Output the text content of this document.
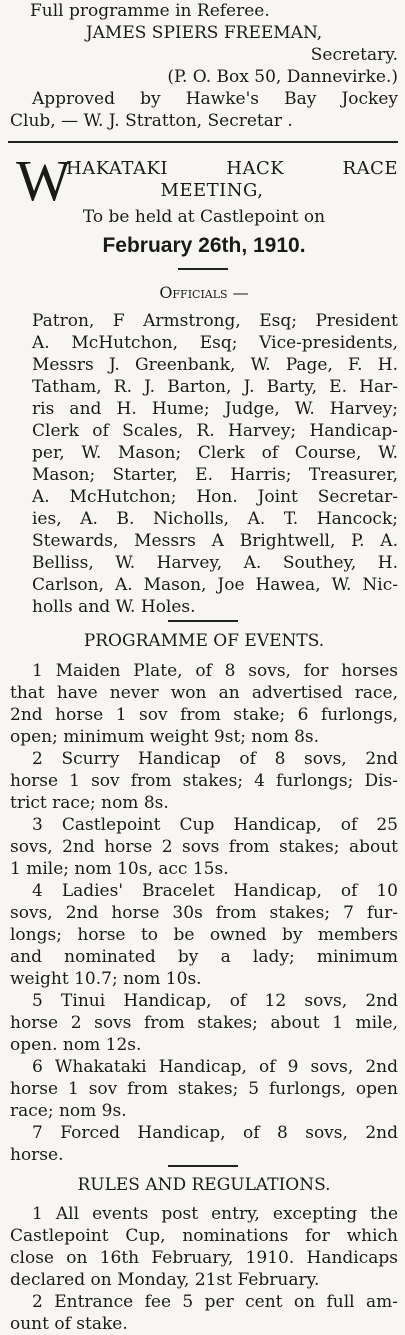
Full programme in Referee.
JAMES SPIERS FREEMAN,
Secretary.
(P. O. Box 50, Dannevirke.)
Approved by Hawke's Bay Jockey
Club, — W. J. Stratton, Secretar .
W
HAKATAKI HACK RACE
MEETING,
To be held at Castlepoint on
February 26th, 1910.
Officials —
Patron, F Armstrong, Esq; President
A. McHutchon, Esq; Vice-presidents,
Messrs J. Greenbank, W. Page, F. H.
Tatham, R. J. Barton, J. Barty, E. Har-
ris and H. Hume; Judge, W. Harvey;
Clerk of Scales, R. Harvey; Handicap-
per, W. Mason; Clerk of Course, W.
Mason; Starter, E. Harris; Treasurer,
A. McHutchon; Hon. Joint Secretar-
ies, A. B. Nicholls, A. T. Hancock;
Stewards, Messrs A Brightwell, P. A.
Belliss, W. Harvey, A. Southey, H.
Carlson, A. Mason, Joe Hawea, W. Nic-
holls and W. Holes.
PROGRAMME OF EVENTS.
1 Maiden Plate, of 8 sovs, for horses
that have never won an advertised race,
2nd horse 1 sov from stake; 6 furlongs,
open; minimum weight 9st; nom 8s.
2 Scurry Handicap of 8 sovs, 2nd
horse 1 sov from stakes; 4 furlongs; Dis-
trict race; nom 8s.
3 Castlepoint Cup Handicap, of 25
sovs, 2nd horse 2 sovs from stakes; about
1 mile; nom 10s, acc 15s.
4 Ladies' Bracelet Handicap, of 10
sovs, 2nd horse 30s from stakes; 7 fur-
longs; horse to be owned by members
and nominated by a lady; minimum
weight 10.7; nom 10s.
5 Tinui Handicap, of 12 sovs, 2nd
horse 2 sovs from stakes; about 1 mile,
open. nom 12s.
6 Whakataki Handicap, of 9 sovs, 2nd
horse 1 sov from stakes; 5 furlongs, open
race; nom 9s.
7 Forced Handicap, of 8 sovs, 2nd
horse.
RULES AND REGULATIONS.
1 All events post entry, excepting the
Castlepoint Cup, nominations for which
close on 16th February, 1910. Handicaps
declared on Monday, 21st February.
2 Entrance fee 5 per cent on full am-
ount of stake.
